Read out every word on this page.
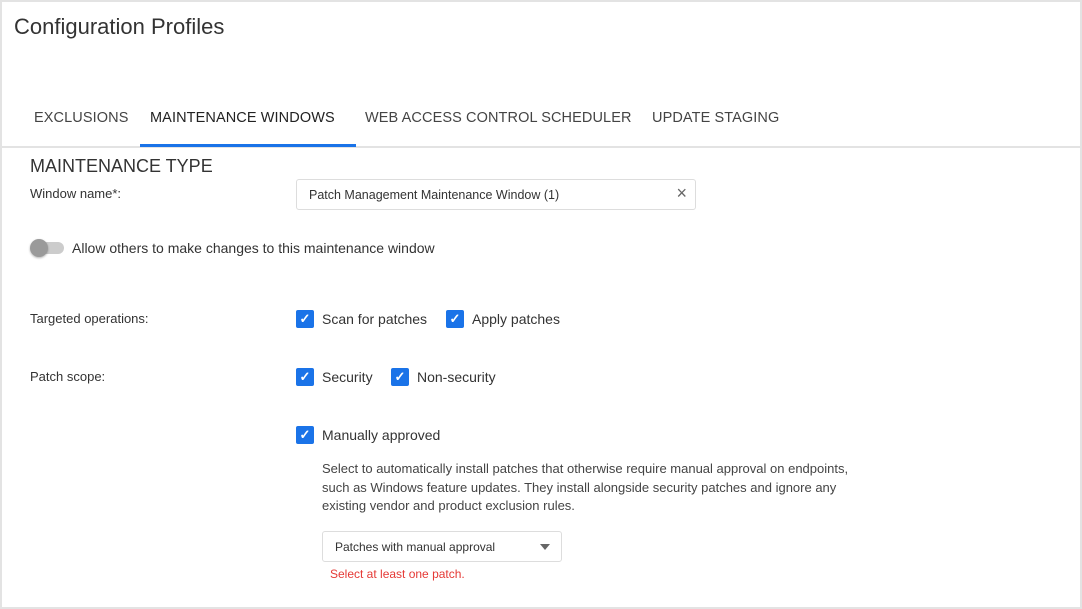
Configuration Profiles
EXCLUSIONS MAINTENANCE WINDOWS WEB ACCESS CONTROL SCHEDULER UPDATE STAGING
MAINTENANCE TYPE
Window name*:	Patch Management Maintenance Window (1)	×
Allow others to make changes to this maintenance window
Targeted operations:	✓ Scan for patches ✓ Apply patches
Patch scope:	✓ Security ✓ Non-security
✓ Manually approved
Select to automatically install patches that otherwise require manual approval on endpoints, such as Windows feature updates. They install alongside security patches and ignore any existing vendor and product exclusion rules.
Patches with manual approval
Select at least one patch.
